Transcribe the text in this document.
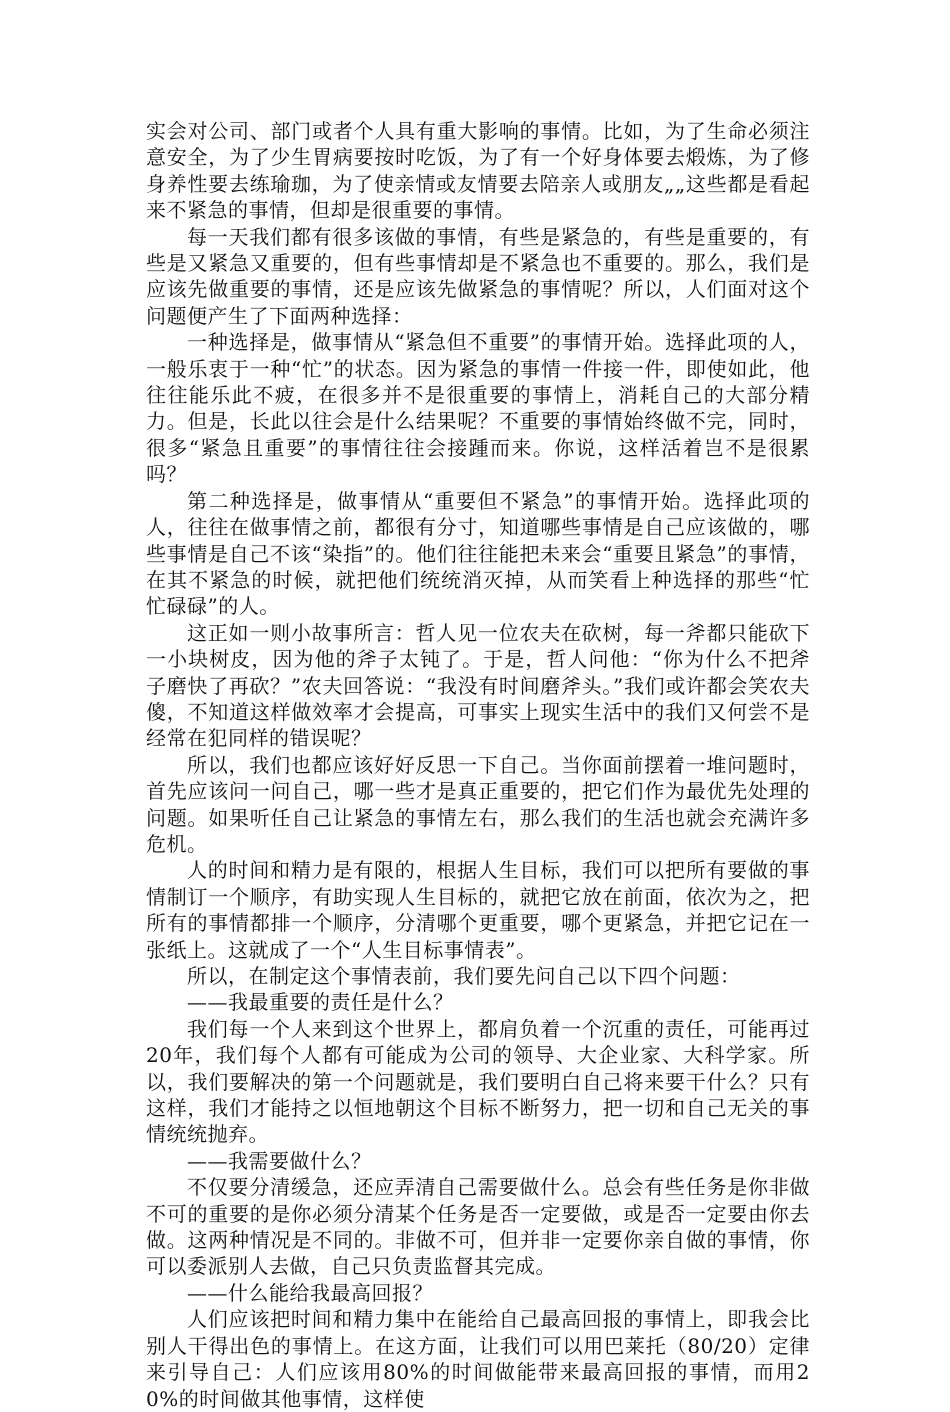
实会对公司、部门或者个人具有重大影响的事情。比如，为了生命必须注意安全，为了少生胃病要按时吃饭，为了有一个好身体要去煅炼，为了修身养性要去练瑜珈，为了使亲情或友情要去陪亲人或朋友„„这些都是看起来不紧急的事情，但却是很重要的事情。

每一天我们都有很多该做的事情，有些是紧急的，有些是重要的，有些是又紧急又重要的，但有些事情却是不紧急也不重要的。那么，我们是应该先做重要的事情，还是应该先做紧急的事情呢？所以，人们面对这个问题便产生了下面两种选择：

一种选择是，做事情从“紧急但不重要”的事情开始。选择此项的人，一般乐衷于一种“忙”的状态。因为紧急的事情一件接一件，即使如此，他往往能乐此不疲，在很多并不是很重要的事情上，消耗自己的大部分精力。但是，长此以往会是什么结果呢？不重要的事情始终做不完，同时，很多“紧急且重要”的事情往往会接踵而来。你说，这样活着岂不是很累吗？

第二种选择是，做事情从“重要但不紧急”的事情开始。选择此项的人，往往在做事情之前，都很有分寸，知道哪些事情是自己应该做的，哪些事情是自己不该“染指”的。他们往往能把未来会“重要且紧急”的事情，在其不紧急的时候，就把他们统统消灭掉，从而笑看上种选择的那些“忙忙碌碌”的人。

这正如一则小故事所言：哲人见一位农夫在砍树，每一斧都只能砍下一小块树皮，因为他的斧子太钝了。于是，哲人问他：“你为什么不把斧子磨快了再砍？”农夫回答说：“我没有时间磨斧头。”我们或许都会笑农夫傻，不知道这样做效率才会提高，可事实上现实生活中的我们又何尝不是经常在犯同样的错误呢？

所以，我们也都应该好好反思一下自己。当你面前摆着一堆问题时，首先应该问一问自己，哪一些才是真正重要的，把它们作为最优先处理的问题。如果听任自己让紧急的事情左右，那么我们的生活也就会充满许多危机。

人的时间和精力是有限的，根据人生目标，我们可以把所有要做的事情制订一个顺序，有助实现人生目标的，就把它放在前面，依次为之，把所有的事情都排一个顺序，分清哪个更重要，哪个更紧急，并把它记在一张纸上。这就成了一个“人生目标事情表”。

所以，在制定这个事情表前，我们要先问自己以下四个问题：

——我最重要的责任是什么？

我们每一个人来到这个世界上，都肩负着一个沉重的责任，可能再过20年，我们每个人都有可能成为公司的领导、大企业家、大科学家。所以，我们要解决的第一个问题就是，我们要明白自己将来要干什么？只有这样，我们才能持之以恒地朝这个目标不断努力，把一切和自己无关的事情统统抛弃。

——我需要做什么？

不仅要分清缓急，还应弄清自己需要做什么。总会有些任务是你非做不可的重要的是你必须分清某个任务是否一定要做，或是否一定要由你去做。这两种情况是不同的。非做不可，但并非一定要你亲自做的事情，你可以委派别人去做，自己只负责监督其完成。

——什么能给我最高回报？

人们应该把时间和精力集中在能给自己最高回报的事情上，即我会比别人干得出色的事情上。在这方面，让我们可以用巴莱托（80/20）定律来引导自己：人们应该用80%的时间做能带来最高回报的事情，而用20%的时间做其他事情，这样使
